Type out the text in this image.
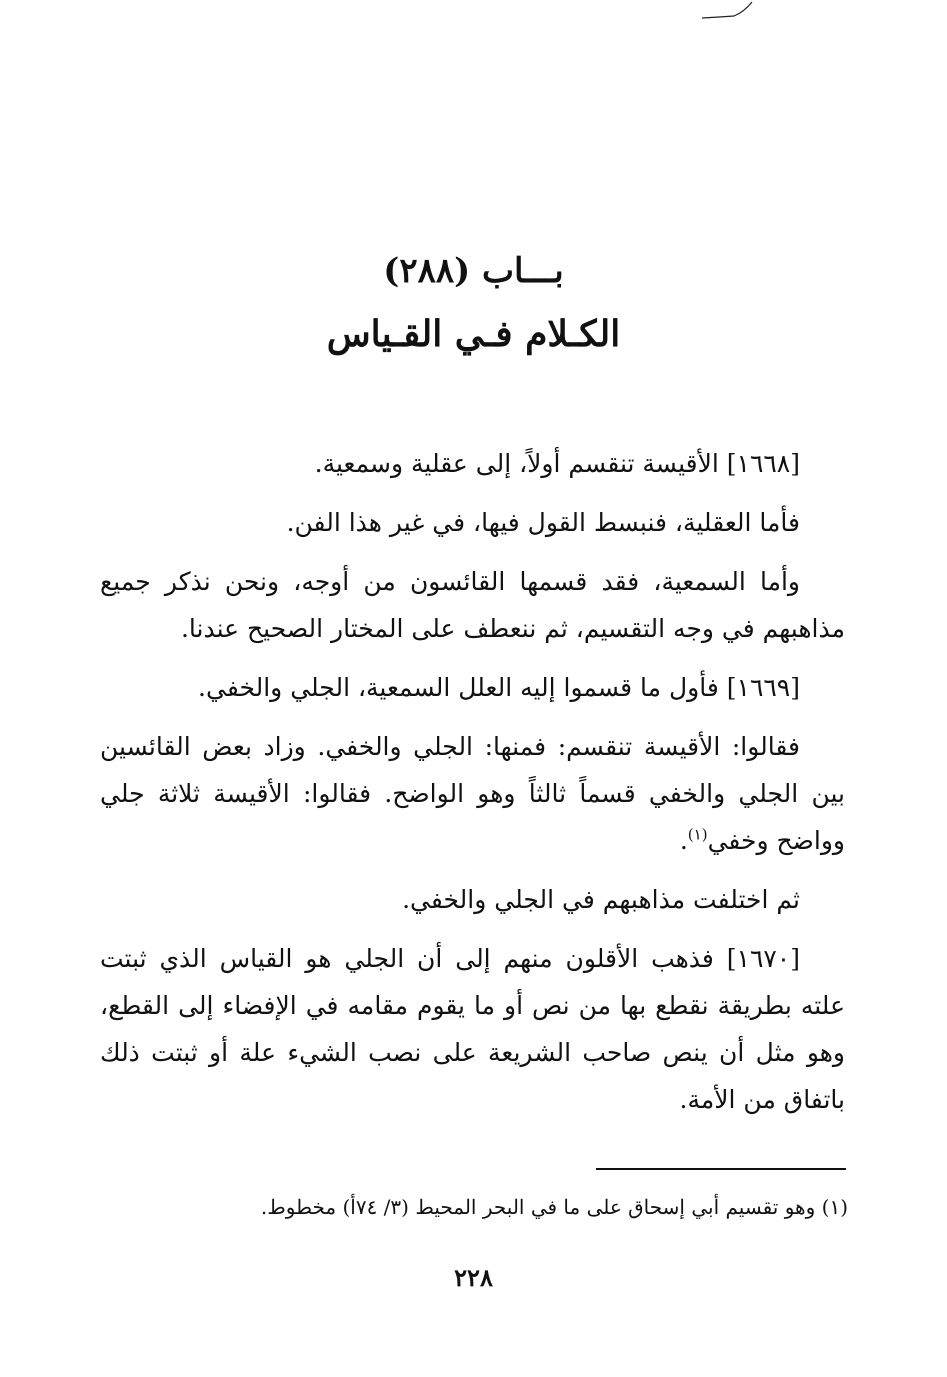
(٢٨٨) بـــاب
الكـلام فـي القـياس

[١٦٦٨] الأقيسة تنقسم أولاً، إلى عقلية وسمعية.

فأما العقلية، فنبسط القول فيها، في غير هذا الفن.

وأما السمعية، فقد قسمها القائسون من أوجه، ونحن نذكر جميع مذاهبهم في وجه التقسيم، ثم ننعطف على المختار الصحيح عندنا.

[١٦٦٩] فأول ما قسموا إليه العلل السمعية، الجلي والخفي.

فقالوا: الأقيسة تنقسم: فمنها: الجلي والخفي. وزاد بعض القائسين بين الجلي والخفي قسماً ثالثاً وهو الواضح. فقالوا: الأقيسة ثلاثة جلي وواضح وخفي$^{(١)}$.

ثم اختلفت مذاهبهم في الجلي والخفي.

[١٦٧٠] فذهب الأقلون منهم إلى أن الجلي هو القياس الذي ثبتت علته بطريقة نقطع بها من نص أو ما يقوم مقامه في الإفضاء إلى القطع، وهو مثل أن ينص صاحب الشريعة على نصب الشيء علة أو ثبتت ذلك باتفاق من الأمة.

(١) وهو تقسيم أبي إسحاق على ما في البحر المحيط (٣/ ٧٤أ) مخطوط.
٢٢٨
